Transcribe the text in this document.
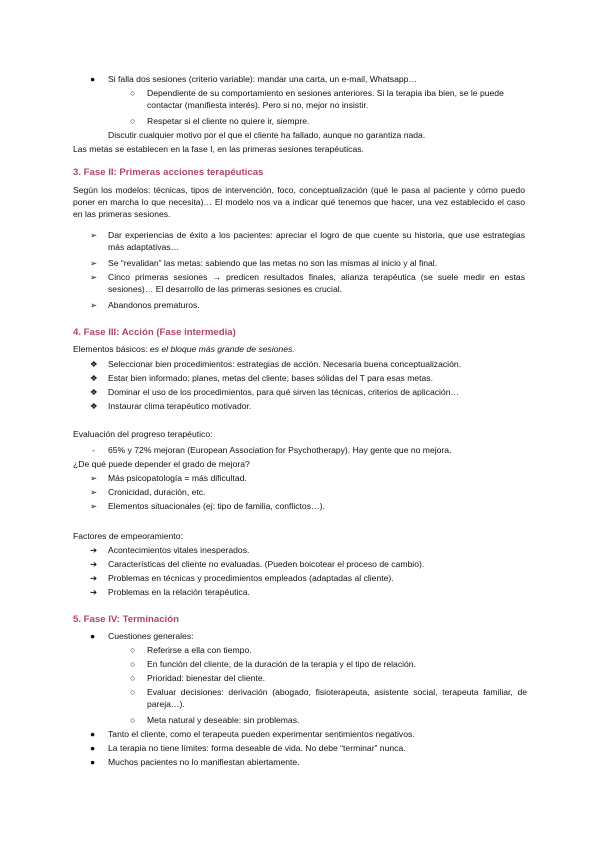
● Si falla dos sesiones (criterio variable): mandar una carta, un e-mail, Whatsapp…
○ Dependiente de su comportamiento en sesiones anteriores. Si la terapia iba bien, se le puede contactar (manifiesta interés). Pero si no, mejor no insistir.
○ Respetar si el cliente no quiere ir, siempre.
Discutir cualquier motivo por el que el cliente ha fallado, aunque no garantiza nada.
Las metas se establecen en la fase I, en las primeras sesiones terapéuticas.
3. Fase II: Primeras acciones terapéuticas
Según los modelos: técnicas, tipos de intervención, foco, conceptualización (qué le pasa al paciente y cómo puedo poner en marcha lo que necesita)… El modelo nos va a indicar qué tenemos que hacer, una vez establecido el caso en las primeras sesiones.
➢ Dar experiencias de éxito a los pacientes: apreciar el logro de que cuente su historia, que use estrategias más adaptativas…
➢ Se “revalidan” las metas: sabiendo que las metas no son las mismas al inicio y al final.
➢ Cinco primeras sesiones → predicen resultados finales, alianza terapéutica (se suele medir en estas sesiones)… El desarrollo de las primeras sesiones es crucial.
➢ Abandonos prematuros.
4. Fase III: Acción (Fase intermedia)
Elementos básicos: es el bloque más grande de sesiones.
❖ Seleccionar bien procedimientos: estrategias de acción. Necesaria buena conceptualización.
❖ Estar bien informado: planes, metas del cliente; bases sólidas del T para esas metas.
❖ Dominar el uso de los procedimientos, para qué sirven las técnicas, criterios de aplicación…
❖ Instaurar clima terapéutico motivador.
Evaluación del progreso terapéutico:
- 65% y 72% mejoran (European Association for Psychotherapy). Hay gente que no mejora.
¿De qué puede depender el grado de mejora?
➢ Más psicopatología = más dificultad.
➢ Cronicidad, duración, etc.
➢ Elementos situacionales (ej: tipo de familia, conflictos…).
Factores de empeoramiento:
➔ Acontecimientos vitales inesperados.
➔ Características del cliente no evaluadas. (Pueden boicotear el proceso de cambio).
➔ Problemas en técnicas y procedimientos empleados (adaptadas al cliente).
➔ Problemas en la relación terapéutica.
5. Fase IV: Terminación
● Cuestiones generales:
○ Referirse a ella con tiempo.
○ En función del cliente, de la duración de la terapia y el tipo de relación.
○ Prioridad: bienestar del cliente.
○ Evaluar decisiones: derivación (abogado, fisioterapeuta, asistente social, terapeuta familiar, de pareja…).
○ Meta natural y deseable: sin problemas.
● Tanto el cliente, como el terapeuta pueden experimentar sentimientos negativos.
● La terapia no tiene límites: forma deseable de vida. No debe “terminar” nunca.
● Muchos pacientes no lo manifiestan abiertamente.
